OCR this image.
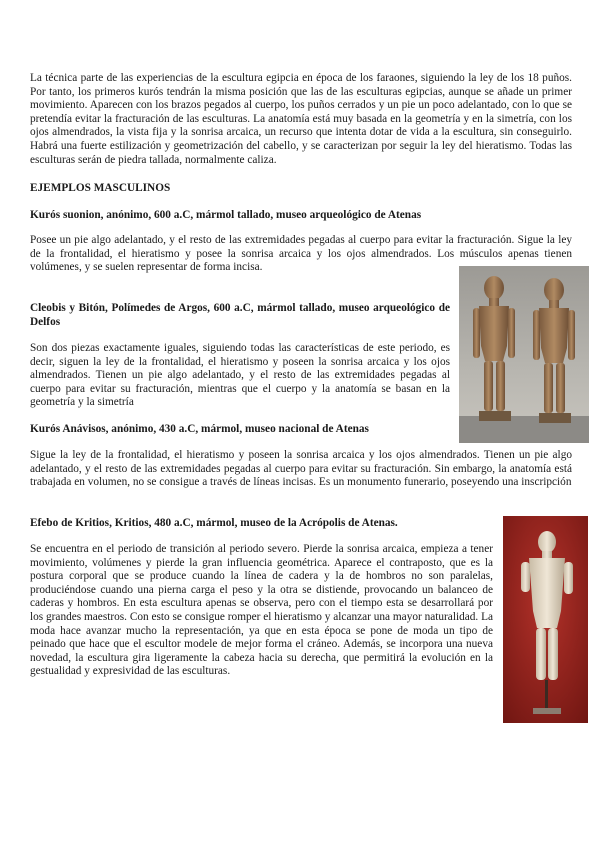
La técnica parte de las experiencias de la escultura egipcia en época de los faraones, siguiendo la ley de los 18 puños. Por tanto, los primeros kurós tendrán la misma posición que las de las esculturas egipcias, aunque se añade un primer movimiento. Aparecen con los brazos pegados al cuerpo, los puños cerrados y un pie un poco adelantado, con lo que se pretendía evitar la fracturación de las esculturas. La anatomía está muy basada en la geometría y en la simetría, con los ojos almendrados, la vista fija y la sonrisa arcaica, un recurso que intenta dotar de vida a la escultura, sin conseguirlo. Habrá una fuerte estilización y geometrización del cabello, y se caracterizan por seguir la ley del hieratismo. Todas las esculturas serán de piedra tallada, normalmente caliza.

EJEMPLOS MASCULINOS

Kurós suonion, anónimo, 600 a.C, mármol tallado, museo arqueológico de Atenas

Posee un pie algo adelantado, y el resto de las extremidades pegadas al cuerpo para evitar la fracturación. Sigue la ley de la frontalidad, el hieratismo y posee la sonrisa arcaica y los ojos almendrados. Los músculos apenas tienen volúmenes, y se suelen representar de forma incisa.

Cleobis y Bitón, Polímedes de Argos, 600 a.C, mármol tallado, museo arqueológico de Delfos

Son dos piezas exactamente iguales, siguiendo todas las características de este periodo, es decir, siguen la ley de la frontalidad, el hieratismo y poseen la sonrisa arcaica y los ojos almendrados. Tienen un pie algo adelantado, y el resto de las extremidades pegadas al cuerpo para evitar su fracturación, mientras que el cuerpo y la anatomía se basan en la geometría y la simetría

Kurós Anávisos, anónimo, 430 a.C, mármol, museo nacional de Atenas

Sigue la ley de la frontalidad, el hieratismo y poseen la sonrisa arcaica y los ojos almendrados. Tienen un pie algo adelantado, y el resto de las extremidades pegadas al cuerpo para evitar su fracturación. Sin embargo, la anatomía está trabajada en volumen, no se consigue a través de líneas incisas. Es un monumento funerario, poseyendo una inscripción

Efebo de Kritios, Kritios, 480 a.C, mármol, museo de la Acrópolis de Atenas.

Se encuentra en el periodo de transición al periodo severo. Pierde la sonrisa arcaica, empieza a tener movimiento, volúmenes y pierde la gran influencia geométrica. Aparece el contraposto, que es la postura corporal que se produce cuando la línea de cadera y la de hombros no son paralelas, produciéndose cuando una pierna carga el peso y la otra se distiende, provocando un balanceo de caderas y hombros. En esta escultura apenas se observa, pero con el tiempo esta se desarrollará por los grandes maestros. Con esto se consigue romper el hieratismo y alcanzar una mayor naturalidad. La moda hace avanzar mucho la representación, ya que en esta época se pone de moda un tipo de peinado que hace que el escultor modele de mejor forma el cráneo. Además, se incorpora una nueva novedad, la escultura gira ligeramente la cabeza hacia su derecha, que permitirá la evolución en la gestualidad y expresividad de las esculturas.
